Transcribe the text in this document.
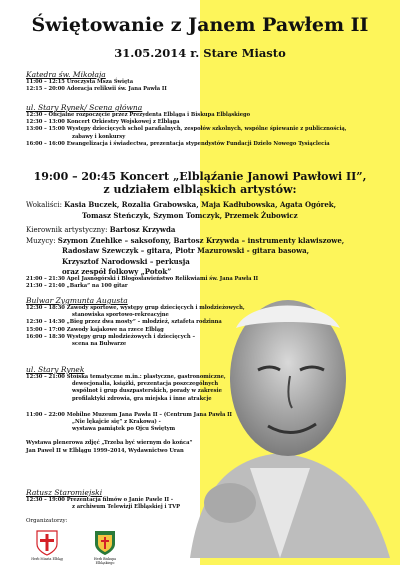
Świętowanie z Janem Pawłem II
31.05.2014 r. Stare Miasto
Katedra św. Mikołaja
11:00 – 12:15 Uroczysta Msza Święta
12:15 – 20:00 Adoracja relikwii św. Jana Pawła II
ul. Stary Rynek/ Scena główna
12:30 – Oficjalne rozpoczęcie przez Prezydenta Elbląga i Biskupa Elbląskiego
12:30 – 13:00 Koncert Orkiestry Wojskowej z Elbląga
13:00 – 15:00 Występy dziecięcych schol parafialnych, zespołów szkolnych, wspólne śpiewanie z publicznością,
zabawy i konkursy
16:00 – 16:00 Ewangelizacja i świadectwa, prezentacja stypendystów Fundacji Dzieło Nowego Tysiąclecia
19:00 – 20:45 Koncert „Elbląźanie Janowi Pawłowi II”,
z udziałem elbląskich artystów:
Wokaliści: Kasia Buczek, Rozalia Grabowska, Maja Kadłubowska, Agata Ogórek,
Tomasz Steńczyk, Szymon Tomczyk, Przemek Żubowicz
Kierownik artystyczny: Bartosz Krzywda
Muzycy: Szymon Zuehlke – saksofony, Bartosz Krzywda – instrumenty klawiszowe,
Radosław Szewczyk – gitara, Piotr Mazurowski - gitara basowa,
Krzysztof Narodowski – perkusja
oraz zespół folkowy „Potok”
21:00 – 21:30 Apel Jasnogórski i Błogosławieństwo Relikwiami św. Jana Pawła II
21:30 – 21:40 „Barka” na 100 gitar
Bulwar Zygmunta Augusta
12:30 – 18:30 Zawody sportowe, występy grup dziecięcych i młodzieżowych,
stanowiska sportowo-rekreacyjne
12:30 – 14:30 „Bieg przez dwa mosty” – młodzież, sztafeta rodzinna
15:00 – 17:00 Zawody kajakowe na rzece Elbląg
16:00 – 18:30 Występy grup młodzieżowych i dziecięcych –
scena na Bulwarze
ul. Stary Rynek
12:30 – 21:00 Stoiska tematyczne m.in.: plastyczne, gastronomiczne,
dewocjonalia, książki, prezentacja poszczególnych
wspólnot i grup duszpasterskich, porady w zakresie
profilaktyki zdrowia, gra miejska i inne atrakcje
11:00 – 22:00 Mobilne Muzeum Jana Pawła II – (Centrum Jana Pawła II
„Nie lękajcie się” z Krakowa) -
wystawa pamiątek po Ojcu Świętym
Wystawa plenerowa zdjęć „Trzeba być wiernym do końca”
Jan Paweł II w Elblągu 1999–2014, Wydawnictwo Uran
Ratusz Staromiejski
12:30 – 19:00 Prezentacja filmów o Janie Pawle II -
z archiwum Telewizji Elbląskiej i TVP
Organizatorzy:
Herb Miasta Elbląg	Herb Biskupa Elbląskiego
